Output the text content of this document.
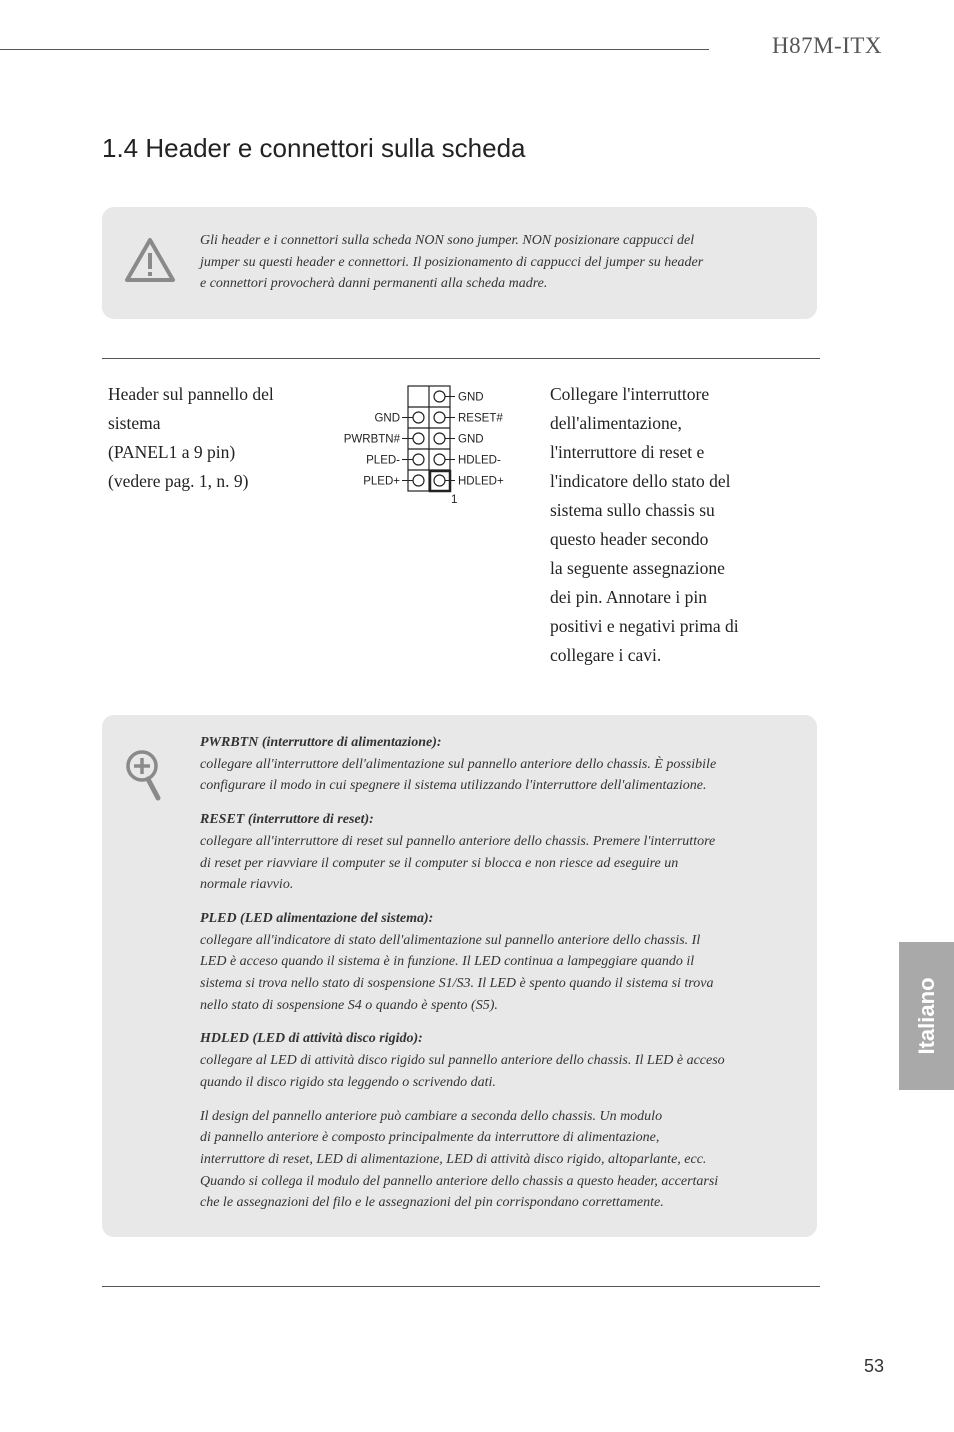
H87M-ITX
1.4 Header e connettori sulla scheda
Gli header e i connettori sulla scheda NON sono jumper. NON posizionare cappucci del
jumper su questi header e connettori. Il posizionamento di cappucci del jumper su header
e connettori provocherà danni permanenti alla scheda madre.
Header sul pannello del
sistema
(PANEL1 a 9 pin)
(vedere pag. 1, n. 9)
GND
PWRBTN#
PLED-
PLED+
GND
RESET#
GND
HDLED-
HDLED+
1
Collegare l'interruttore
dell'alimentazione,
l'interruttore di reset e
l'indicatore dello stato del
sistema sullo chassis su
questo header secondo
la seguente assegnazione
dei pin. Annotare i pin
positivi e negativi prima di
collegare i cavi.
PWRBTN (interruttore di alimentazione):
collegare all'interruttore dell'alimentazione sul pannello anteriore dello chassis. È possibile
configurare il modo in cui spegnere il sistema utilizzando l'interruttore dell'alimentazione.
RESET (interruttore di reset):
collegare all'interruttore di reset sul pannello anteriore dello chassis. Premere l'interruttore
di reset per riavviare il computer se il computer si blocca e non riesce ad eseguire un
normale riavvio.
PLED (LED alimentazione del sistema):
collegare all'indicatore di stato dell'alimentazione sul pannello anteriore dello chassis. Il
LED è acceso quando il sistema è in funzione. Il LED continua a lampeggiare quando il
sistema si trova nello stato di sospensione S1/S3. Il LED è spento quando il sistema si trova
nello stato di sospensione S4 o quando è spento (S5).
HDLED (LED di attività disco rigido):
collegare al LED di attività disco rigido sul pannello anteriore dello chassis. Il LED è acceso
quando il disco rigido sta leggendo o scrivendo dati.
Il design del pannello anteriore può cambiare a seconda dello chassis. Un modulo
di pannello anteriore è composto principalmente da interruttore di alimentazione,
interruttore di reset, LED di alimentazione, LED di attività disco rigido, altoparlante, ecc.
Quando si collega il modulo del pannello anteriore dello chassis a questo header, accertarsi
che le assegnazioni del filo e le assegnazioni del pin corrispondano correttamente.
Italiano
53
